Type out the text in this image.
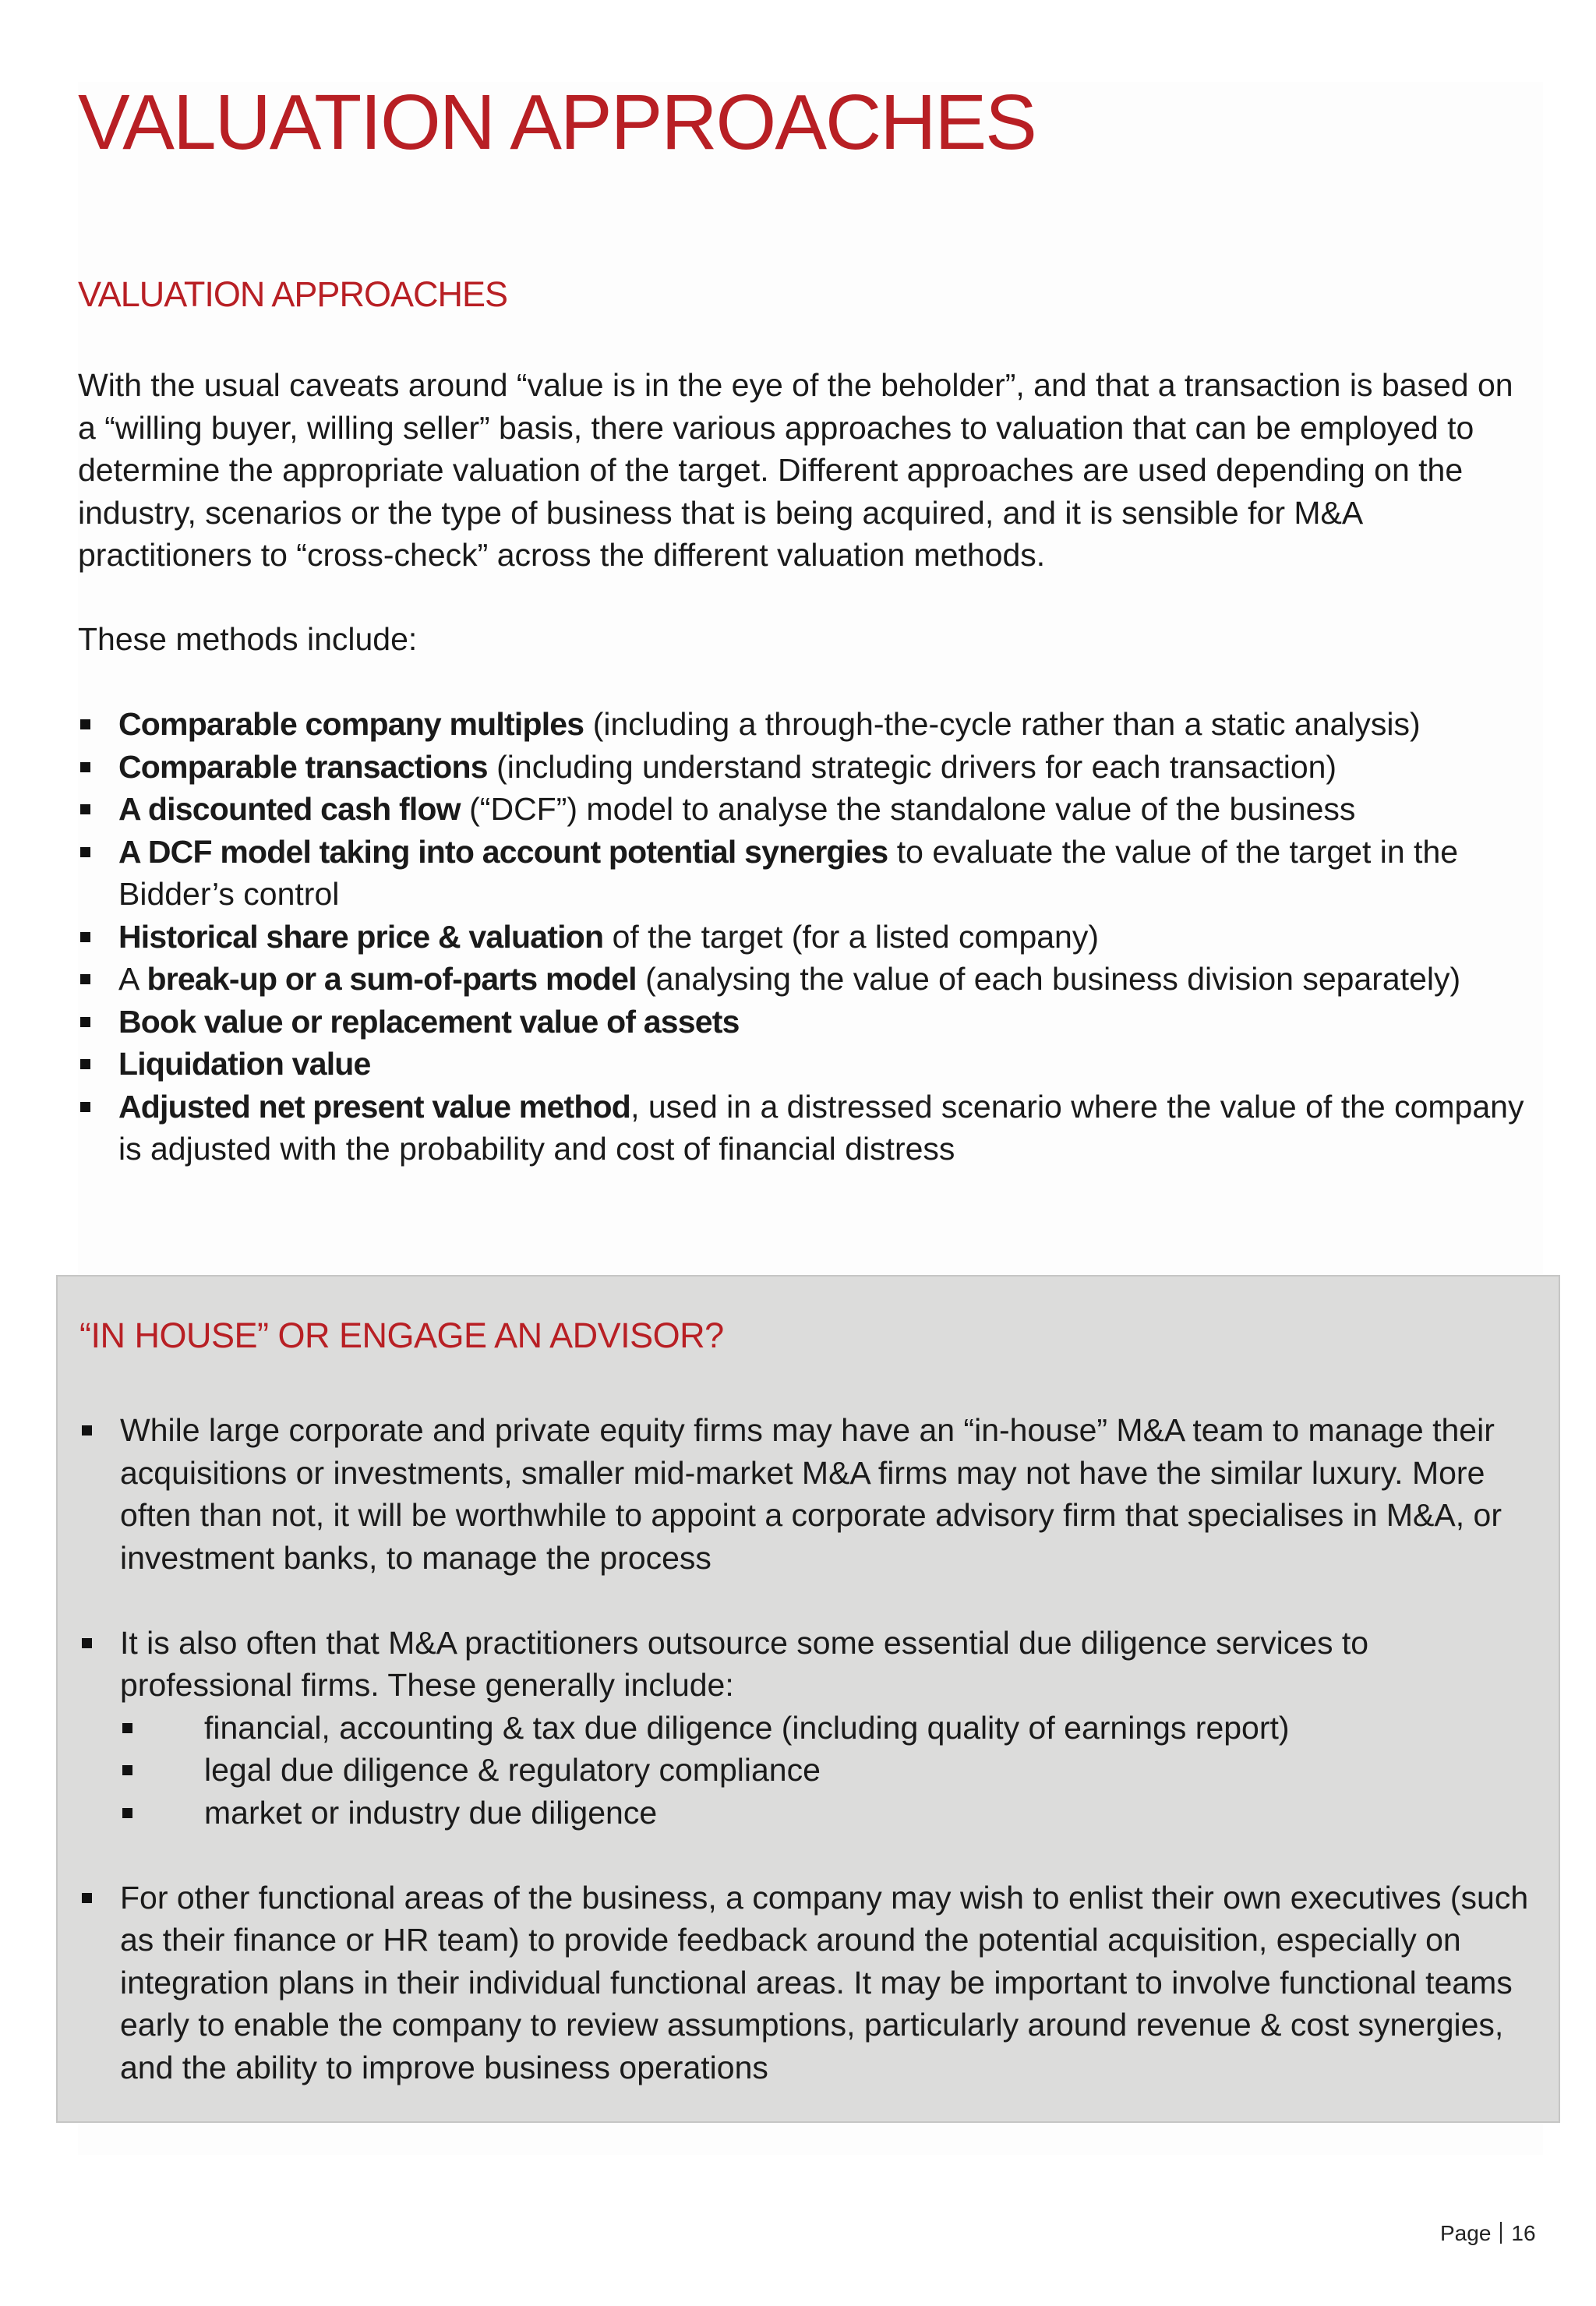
VALUATION APPROACHES
VALUATION APPROACHES

With the usual caveats around “value is in the eye of the beholder”, and that a transaction is based on a “willing buyer, willing seller” basis, there various approaches to valuation that can be employed to determine the appropriate valuation of the target. Different approaches are used depending on the industry, scenarios or the type of business that is being acquired, and it is sensible for M&A practitioners to “cross-check” across the different valuation methods.

These methods include:

Comparable company multiples (including a through-the-cycle rather than a static analysis)
Comparable transactions (including understand strategic drivers for each transaction)
A discounted cash flow (“DCF”) model to analyse the standalone value of the business
A DCF model taking into account potential synergies to evaluate the value of the target in the Bidder’s control
Historical share price & valuation of the target (for a listed company)
A break-up or a sum-of-parts model (analysing the value of each business division separately)
Book value or replacement value of assets
Liquidation value
Adjusted net present value method, used in a distressed scenario where the value of the company is adjusted with the probability and cost of financial distress
“IN HOUSE” OR ENGAGE AN ADVISOR?
While large corporate and private equity firms may have an “in-house” M&A team to manage their acquisitions or investments, smaller mid-market M&A firms may not have the similar luxury. More often than not, it will be worthwhile to appoint a corporate advisory firm that specialises in M&A, or investment banks, to manage the process
It is also often that M&A practitioners outsource some essential due diligence services to professional firms. These generally include:
financial, accounting & tax due diligence (including quality of earnings report)
legal due diligence & regulatory compliance
market or industry due diligence
For other functional areas of the business, a company may wish to enlist their own executives (such as their finance or HR team) to provide feedback around the potential acquisition, especially on integration plans in their individual functional areas. It may be important to involve functional teams early to enable the company to review assumptions, particularly around revenue & cost synergies, and the ability to improve business operations
Page 16
